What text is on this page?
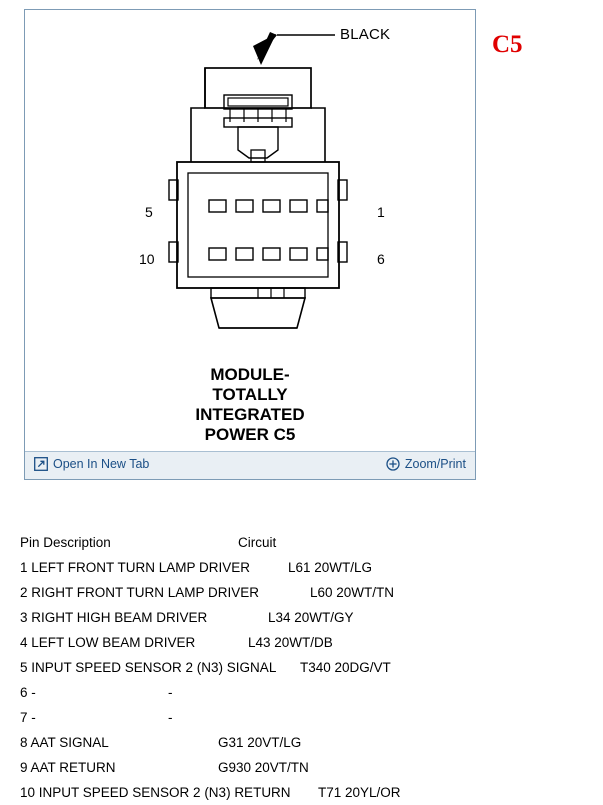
BLACK
5
10
1
6
MODULE-
TOTALLY
INTEGRATED
POWER C5
Open In New Tab	Zoom/Print
C5
Pin Description	Circuit
1 LEFT FRONT TURN LAMP DRIVER	L61 20WT/LG
2 RIGHT FRONT TURN LAMP DRIVER	L60 20WT/TN
3 RIGHT HIGH BEAM DRIVER	L34 20WT/GY
4 LEFT LOW BEAM DRIVER	L43 20WT/DB
5 INPUT SPEED SENSOR 2 (N3) SIGNAL T340 20DG/VT
6 -	-
7 -	-
8 AAT SIGNAL	G31 20VT/LG
9 AAT RETURN	G930 20VT/TN
10 INPUT SPEED SENSOR 2 (N3) RETURN T71 20YL/OR
